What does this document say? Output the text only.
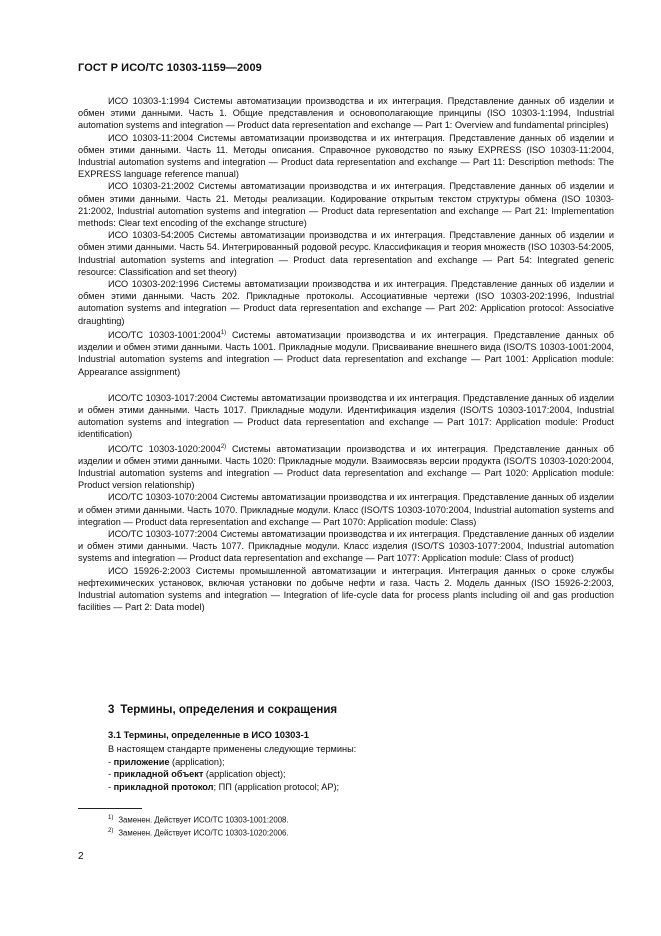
ГОСТ Р ИСО/ТС 10303-1159—2009

ИСО 10303-1:1994 Системы автоматизации производства и их интеграция. Представление данных об изделии и обмен этими данными. Часть 1. Общие представления и основополагающие принципы (ISO 10303-1:1994, Industrial automation systems and integration — Product data representation and exchange — Part 1: Overview and fundamental principles)

ИСО 10303-11:2004 Системы автоматизации производства и их интеграция. Представление данных об изделии и обмен этими данными. Часть 11. Методы описания. Справочное руководство по языку EXPRESS (ISO 10303-11:2004, Industrial automation systems and integration — Product data representation and exchange — Part 11: Description methods: The EXPRESS language reference manual)

ИСО 10303-21:2002 Системы автоматизации производства и их интеграция. Представление данных об изделии и обмен этими данными. Часть 21. Методы реализации. Кодирование открытым текстом структуры обмена (ISO 10303-21:2002, Industrial automation systems and integration — Product data representation and exchange — Part 21: Implementation methods: Clear text encoding of the exchange structure)

ИСО 10303-54:2005 Системы автоматизации производства и их интеграция. Представление данных об изделии и обмен этими данными. Часть 54. Интегрированный родовой ресурс. Классификация и теория множеств (ISO 10303-54:2005, Industrial automation systems and integration — Product data representation and exchange — Part 54: Integrated generic resource: Classification and set theory)

ИСО 10303-202:1996 Системы автоматизации производства и их интеграция. Представление данных об изделии и обмен этими данными. Часть 202. Прикладные протоколы. Ассоциативные чертежи (ISO 10303-202:1996, Industrial automation systems and integration — Product data representation and exchange — Part 202: Application protocol: Associative draughting)

ИСО/ТС 10303-1001:2004$^{1)}$ Системы автоматизации производства и их интеграция. Представление данных об изделии и обмен этими данными. Часть 1001. Прикладные модули. Присваивание внешнего вида (ISO/TS 10303-1001:2004, Industrial automation systems and integration — Product data representation and exchange — Part 1001: Application module: Appearance assignment)

ИСО/ТС 10303-1017:2004 Системы автоматизации производства и их интеграция. Представление данных об изделии и обмен этими данными. Часть 1017. Прикладные модули. Идентификация изделия (ISO/TS 10303-1017:2004, Industrial automation systems and integration — Product data representation and exchange — Part 1017: Application module: Product identification)

ИСО/ТС 10303-1020:2004$^{2)}$ Системы автоматизации производства и их интеграция. Представление данных об изделии и обмен этими данными. Часть 1020: Прикладные модули. Взаимосвязь версии продукта (ISO/TS 10303-1020:2004, Industrial automation systems and integration — Product data representation and exchange — Part 1020: Application module: Product version relationship)

ИСО/ТС 10303-1070:2004 Системы автоматизации производства и их интеграция. Представление данных об изделии и обмен этими данными. Часть 1070. Прикладные модули. Класс (ISO/TS 10303-1070:2004, Industrial automation systems and integration — Product data representation and exchange — Part 1070: Application module: Class)

ИСО/ТС 10303-1077:2004 Системы автоматизации производства и их интеграция. Представление данных об изделии и обмен этими данными. Часть 1077. Прикладные модули. Класс изделия (ISO/TS 10303-1077:2004, Industrial automation systems and integration — Product data representation and exchange — Part 1077: Application module: Class of product)

ИСО 15926-2:2003 Системы промышленной автоматизации и интеграция. Интеграция данных о сроке службы нефтехимических установок, включая установки по добыче нефти и газа. Часть 2. Модель данных (ISO 15926-2:2003, Industrial automation systems and integration — Integration of life-cycle data for process plants including oil and gas production facilities — Part 2: Data model)

3 Термины, определения и сокращения
3.1 Термины, определенные в ИСО 10303-1

В настоящем стандарте применены следующие термины:

- приложение (application);

- прикладной объект (application object);

- прикладной протокол; ПП (application protocol; AP);

$^{1)}$ Заменен. Действует ИСО/ТС 10303-1001:2008.

$^{2)}$ Заменен. Действует ИСО/ТС 10303-1020:2006.

2
